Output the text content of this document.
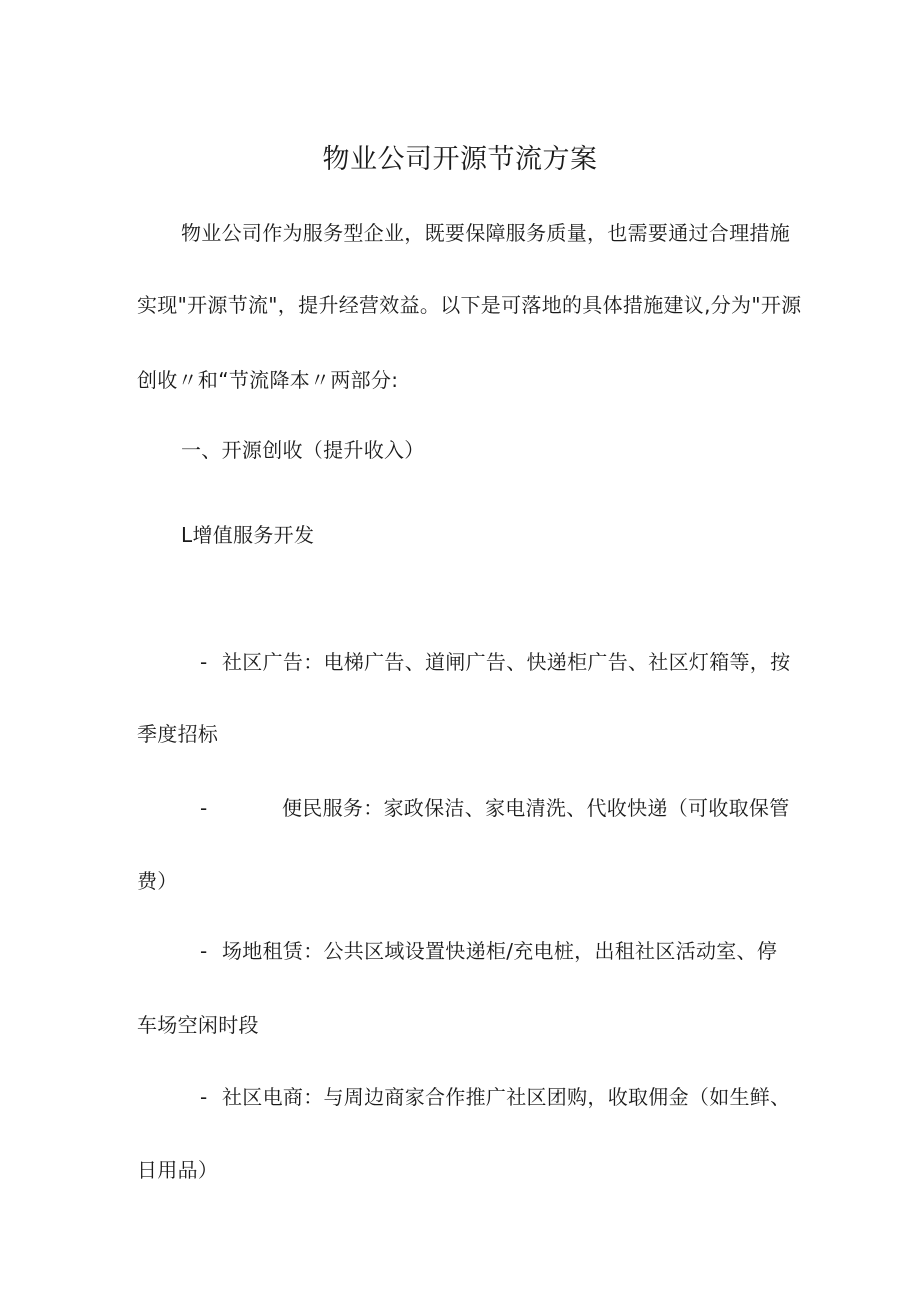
物业公司开源节流方案
物业公司作为服务型企业，既要保障服务质量，也需要通过合理措施
实现"开源节流"，提升经营效益。以下是可落地的具体措施建议,分为"开源
创收〃和“节流降本〃两部分:
一、开源创收（提升收入）
L增值服务开发
- 社区广告：电梯广告、道闸广告、快递柜广告、社区灯箱等，按
季度招标
-	便民服务：家政保洁、家电清洗、代收快递（可收取保管
费）
- 场地租赁：公共区域设置快递柜/充电桩，出租社区活动室、停
车场空闲时段
- 社区电商：与周边商家合作推广社区团购，收取佣金（如生鲜、
日用品）
